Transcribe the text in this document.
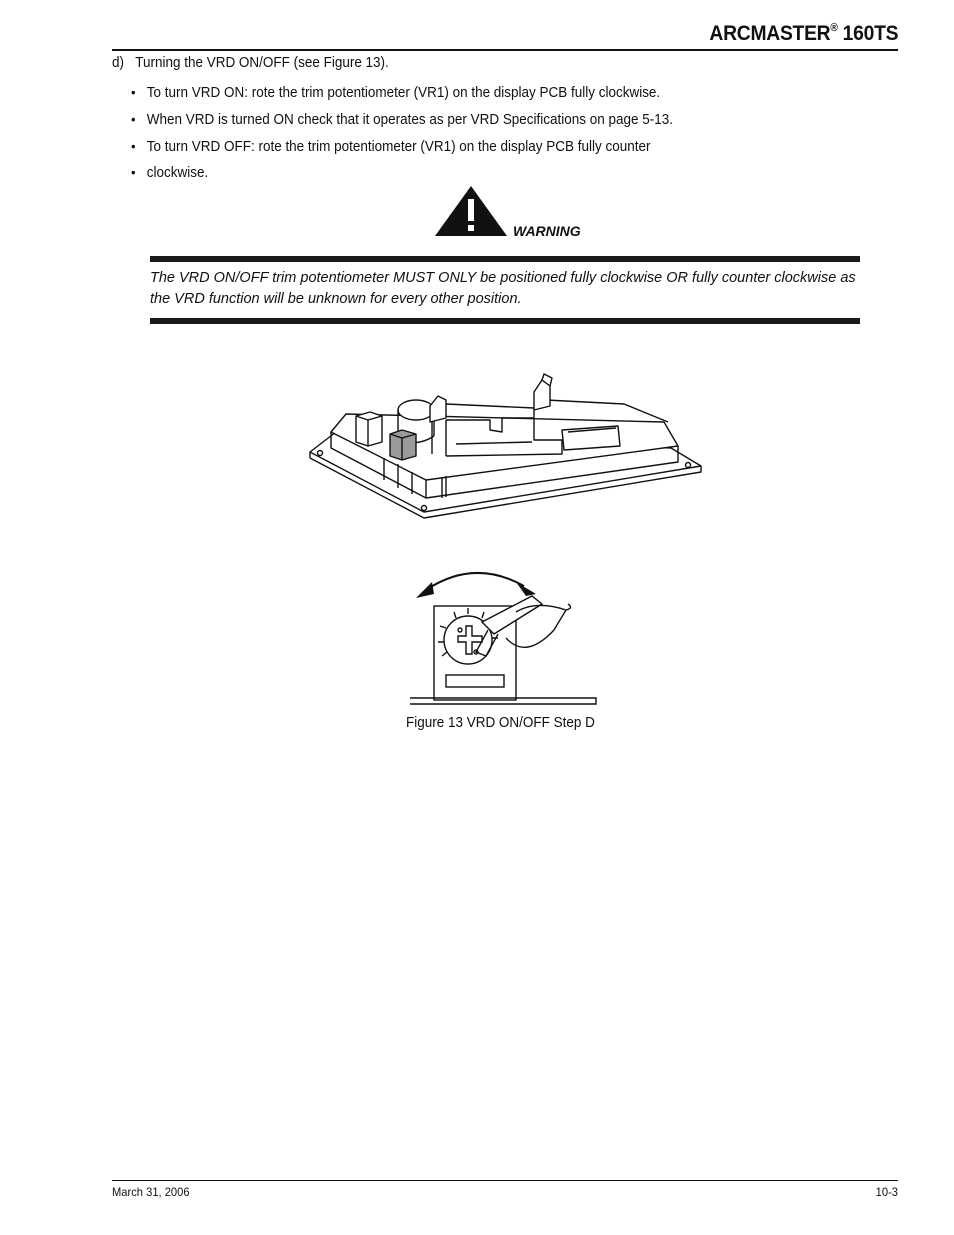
ARCMASTER® 160TS
d) Turning the VRD ON/OFF (see Figure 13).
• To turn VRD ON: rote the trim potentiometer (VR1) on the display PCB fully clockwise.
• When VRD is turned ON check that it operates as per VRD Specifications on page 5-13.
• To turn VRD OFF: rote the trim potentiometer (VR1) on the display PCB fully counter
• clockwise.
WARNING
The VRD ON/OFF trim potentiometer MUST ONLY be positioned fully clockwise OR fully counter clockwise as the VRD function will be unknown for every other position.
Figure 13 VRD ON/OFF Step D
March 31, 2006	10-3
